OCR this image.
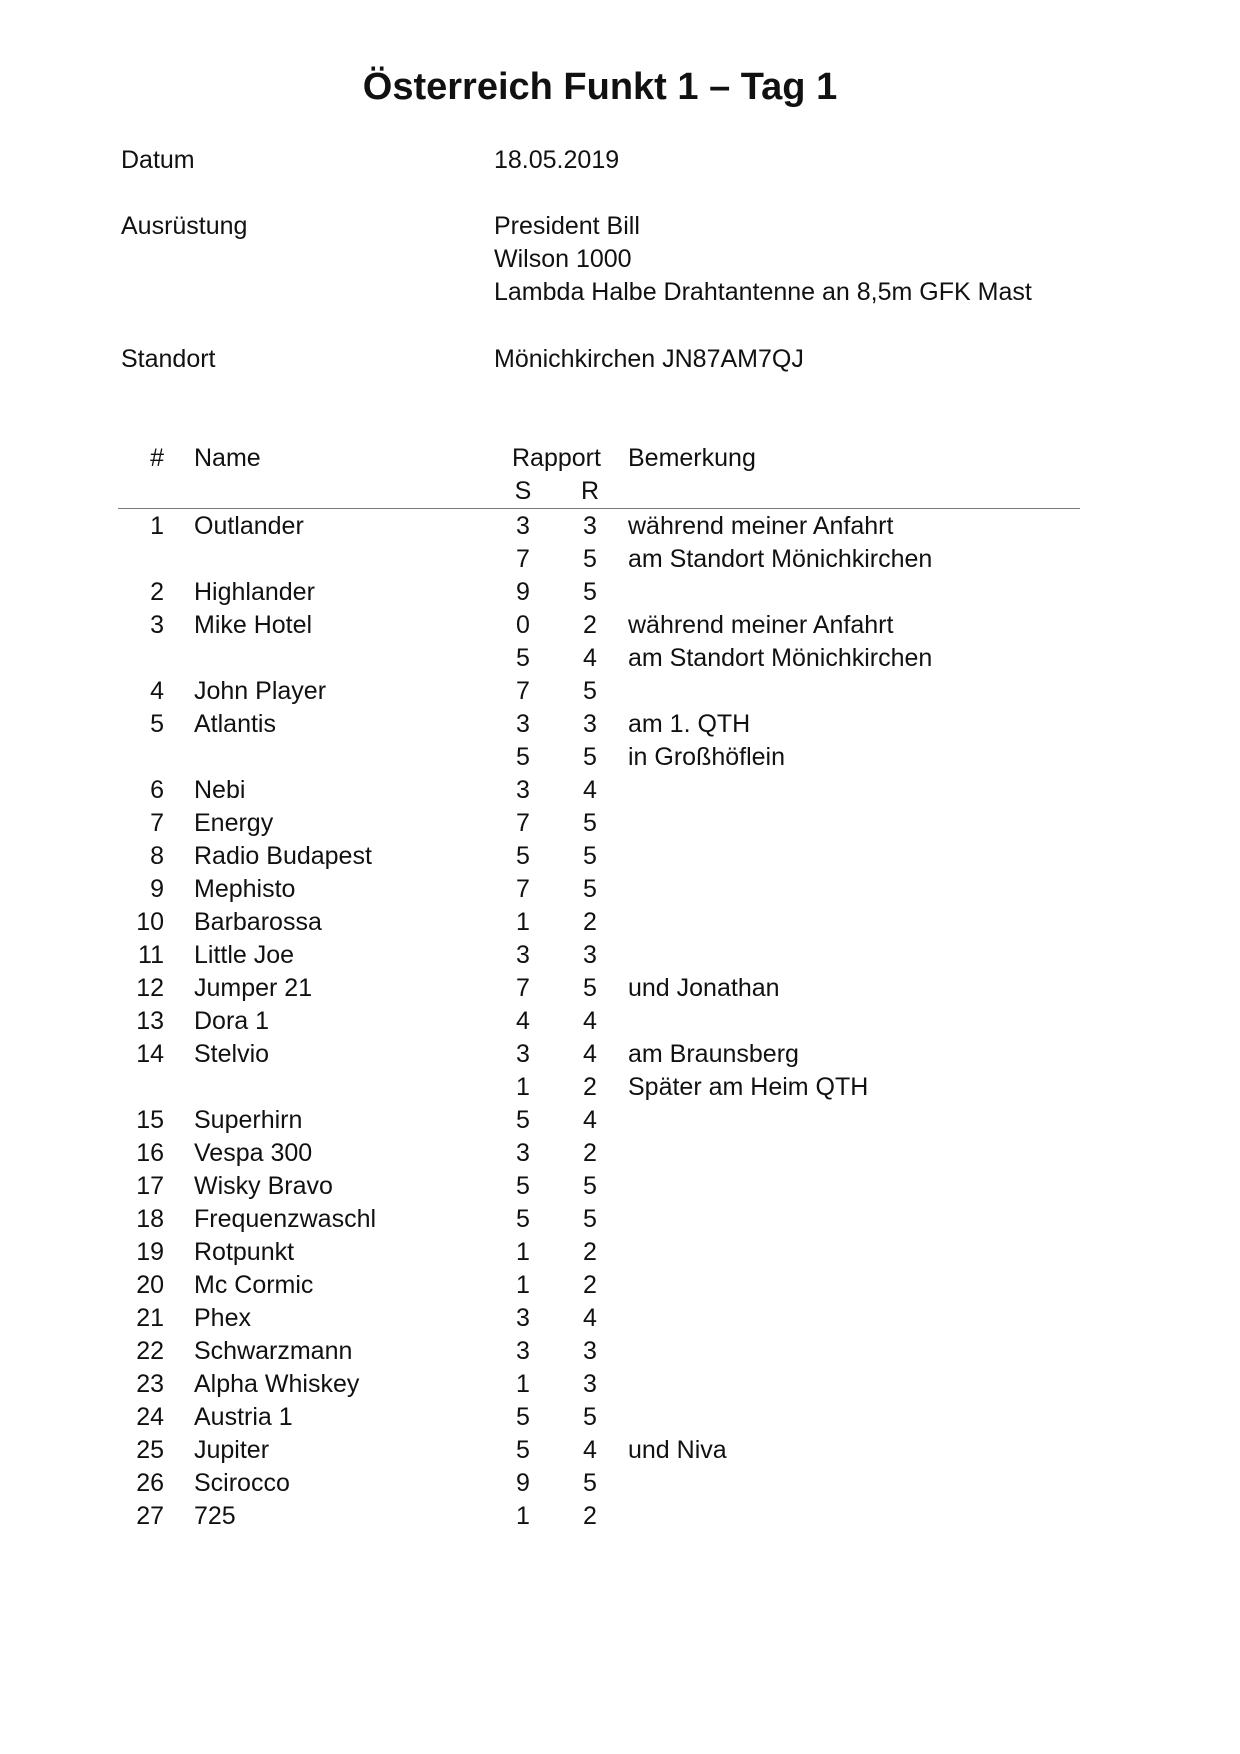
Österreich Funkt 1 – Tag 1
Datum	18.05.2019
Ausrüstung	President Bill
Wilson 1000
Lambda Halbe Drahtantenne an 8,5m GFK Mast
Standort	Mönichkirchen JN87AM7QJ
# Name	Rapport Bemerkung
S	R
1 Outlander	3	3	während meiner Anfahrt
7	5	am Standort Mönichkirchen
2 Highlander	9	5
3 Mike Hotel	0	2	während meiner Anfahrt
5	4	am Standort Mönichkirchen
4 John Player	7	5
5 Atlantis	3	3	am 1. QTH
5	5	in Großhöflein
6 Nebi	3	4
7 Energy	7	5
8 Radio Budapest	5	5
9 Mephisto	7	5
10 Barbarossa	1	2
11 Little Joe	3	3
12 Jumper 21	7	5	und Jonathan
13 Dora 1	4	4
14 Stelvio	3	4	am Braunsberg
1	2	Später am Heim QTH
15 Superhirn	5	4
16 Vespa 300	3	2
17 Wisky Bravo	5	5
18 Frequenzwaschl	5	5
19 Rotpunkt	1	2
20 Mc Cormic	1	2
21 Phex	3	4
22 Schwarzmann	3	3
23 Alpha Whiskey	1	3
24 Austria 1	5	5
25 Jupiter	5	4	und Niva
26 Scirocco	9	5
27 725	1	2
